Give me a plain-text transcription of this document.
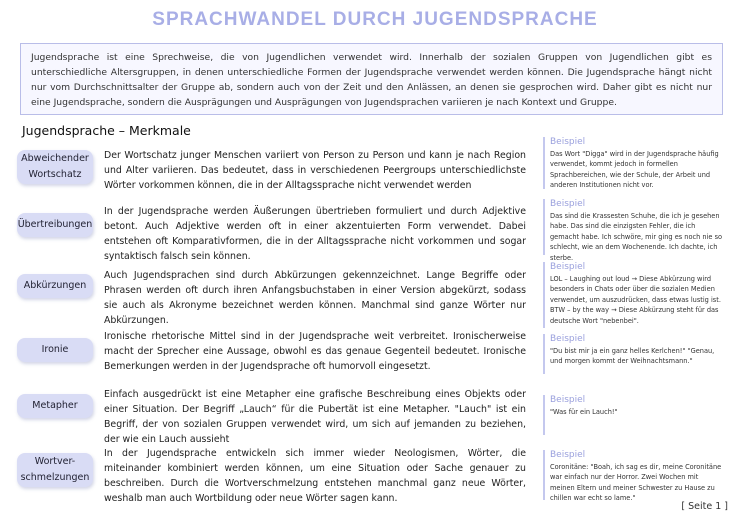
SPRACHWANDEL DURCH JUGENDSPRACHE

Jugendsprache ist eine Sprechweise, die von Jugendlichen verwendet wird. Innerhalb der sozialen Gruppen von Jugendlichen gibt es unterschiedliche Altersgruppen, in denen unterschiedliche Formen der Jugendsprache verwendet werden können. Die Jugendsprache hängt nicht nur vom Durchschnittsalter der Gruppe ab, sondern auch von der Zeit und den Anlässen, an denen sie gesprochen wird. Daher gibt es nicht nur eine Jugendsprache, sondern die Ausprägungen und Ausprägungen von Jugendsprachen variieren je nach Kontext und Gruppe.

Jugendsprache – Merkmale
Abweichender Wortschatz

Der Wortschatz junger Menschen variiert von Person zu Person und kann je nach Region und Alter variieren. Das bedeutet, dass in verschiedenen Peergroups unterschiedlichste Wörter vorkommen können, die in der Alltagssprache nicht verwendet werden

Beispiel

Das Wort "Digga" wird in der Jugendsprache häufig verwendet, kommt jedoch in formellen Sprachbereichen, wie der Schule, der Arbeit und anderen Institutionen nicht vor.

Übertreibungen

In der Jugendsprache werden Äußerungen übertrieben formuliert und durch Adjektive betont. Auch Adjektive werden oft in einer akzentuierten Form verwendet. Dabei entstehen oft Komparativformen, die in der Alltagssprache nicht vorkommen und sogar syntaktisch falsch sein können.

Beispiel

Das sind die Krassesten Schuhe, die ich je gesehen habe. Das sind die einzigsten Fehler, die ich gemacht habe. Ich schwöre, mir ging es noch nie so schlecht, wie an dem Wochenende. Ich dachte, ich sterbe.

Abkürzungen

Auch Jugendsprachen sind durch Abkürzungen gekennzeichnet. Lange Begriffe oder Phrasen werden oft durch ihren Anfangsbuchstaben in einer Version abgekürzt, sodass sie auch als Akronyme bezeichnet werden können. Manchmal sind ganze Wörter nur Abkürzungen.

Beispiel

LOL – Laughing out loud → Diese Abkürzung wird besonders in Chats oder über die sozialen Medien verwendet, um auszudrücken, dass etwas lustig ist. BTW – by the way → Diese Abkürzung steht für das deutsche Wort "nebenbei".

Ironie

Ironische rhetorische Mittel sind in der Jugendsprache weit verbreitet. Ironischerweise macht der Sprecher eine Aussage, obwohl es das genaue Gegenteil bedeutet. Ironische Bemerkungen werden in der Jugendsprache oft humorvoll eingesetzt.

Beispiel

"Du bist mir ja ein ganz helles Kerlchen!" "Genau, und morgen kommt der Weihnachtsmann."

Metapher

Einfach ausgedrückt ist eine Metapher eine grafische Beschreibung eines Objekts oder einer Situation. Der Begriff „Lauch“ für die Pubertät ist eine Metapher. "Lauch" ist ein Begriff, der von sozialen Gruppen verwendet wird, um sich auf jemanden zu beziehen, der wie ein Lauch aussieht

Beispiel

"Was für ein Lauch!"

Wortver-schmelzungen

In der Jugendsprache entwickeln sich immer wieder Neologismen, Wörter, die miteinander kombiniert werden können, um eine Situation oder Sache genauer zu beschreiben. Durch die Wortverschmelzung entstehen manchmal ganz neue Wörter, weshalb man auch Wortbildung oder neue Wörter sagen kann.

Beispiel

Coronitäne: "Boah, ich sag es dir, meine Coronitäne war einfach nur der Horror. Zwei Wochen mit meinen Eltern und meiner Schwester zu Hause zu chillen war echt so lame."

[ Seite 1 ]
